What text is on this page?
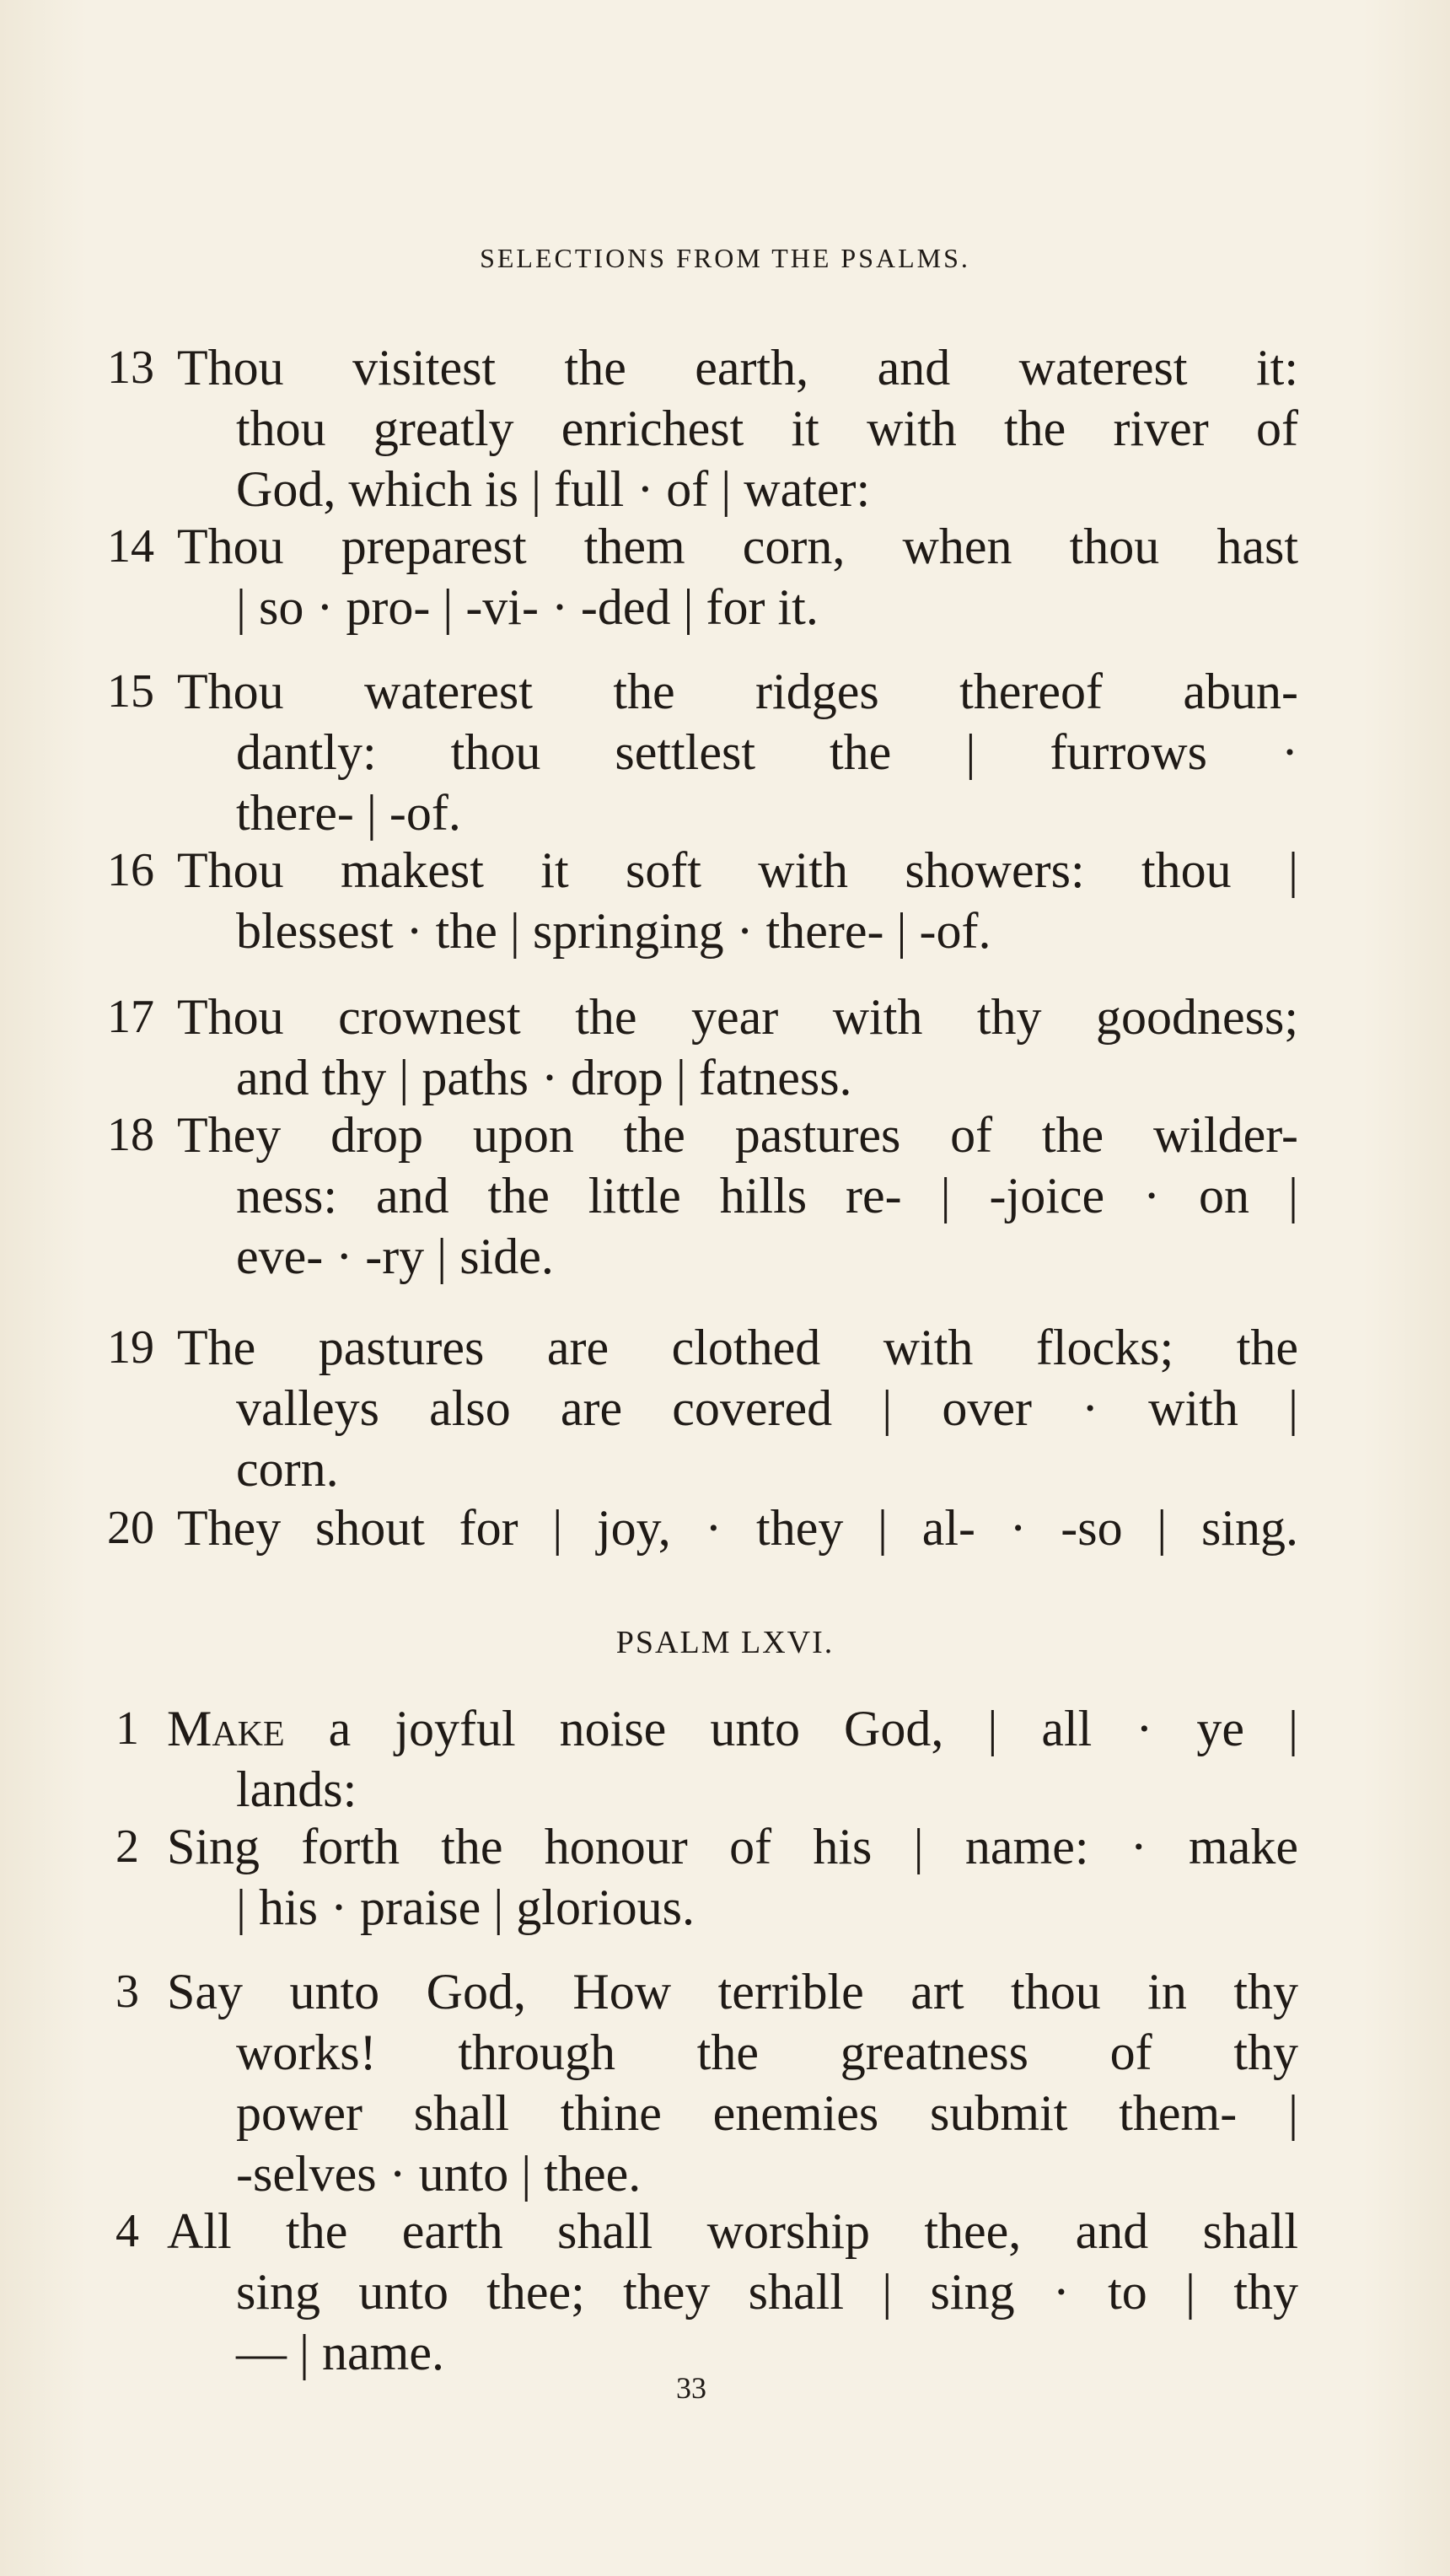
SELECTIONS FROM THE PSALMS.
13 Thou visitest the earth, and waterest it:
thou greatly enrichest it with the river of
God, which is | full · of | water:
14 Thou preparest them corn, when thou hast
| so · pro- | -vi- · -ded | for it.
15 Thou waterest the ridges thereof abun-
dantly: thou settlest the | furrows ·
there- | -of.
16 Thou makest it soft with showers: thou |
blessest · the | springing · there- | -of.
17 Thou crownest the year with thy goodness;
and thy | paths · drop | fatness.
18 They drop upon the pastures of the wilder-
ness: and the little hills re- | -joice · on |
eve- · -ry | side.
19 The pastures are clothed with flocks; the
valleys also are covered | over · with |
corn.
20 They shout for | joy, · they | al- · -so | sing.
PSALM LXVI.
1 Make a joyful noise unto God, | all · ye |
lands:
2 Sing forth the honour of his | name: · make
| his · praise | glorious.
3 Say unto God, How terrible art thou in thy
works! through the greatness of thy
power shall thine enemies submit them- |
-selves · unto | thee.
4 All the earth shall worship thee, and shall
sing unto thee; they shall | sing · to | thy
— | name.
33
